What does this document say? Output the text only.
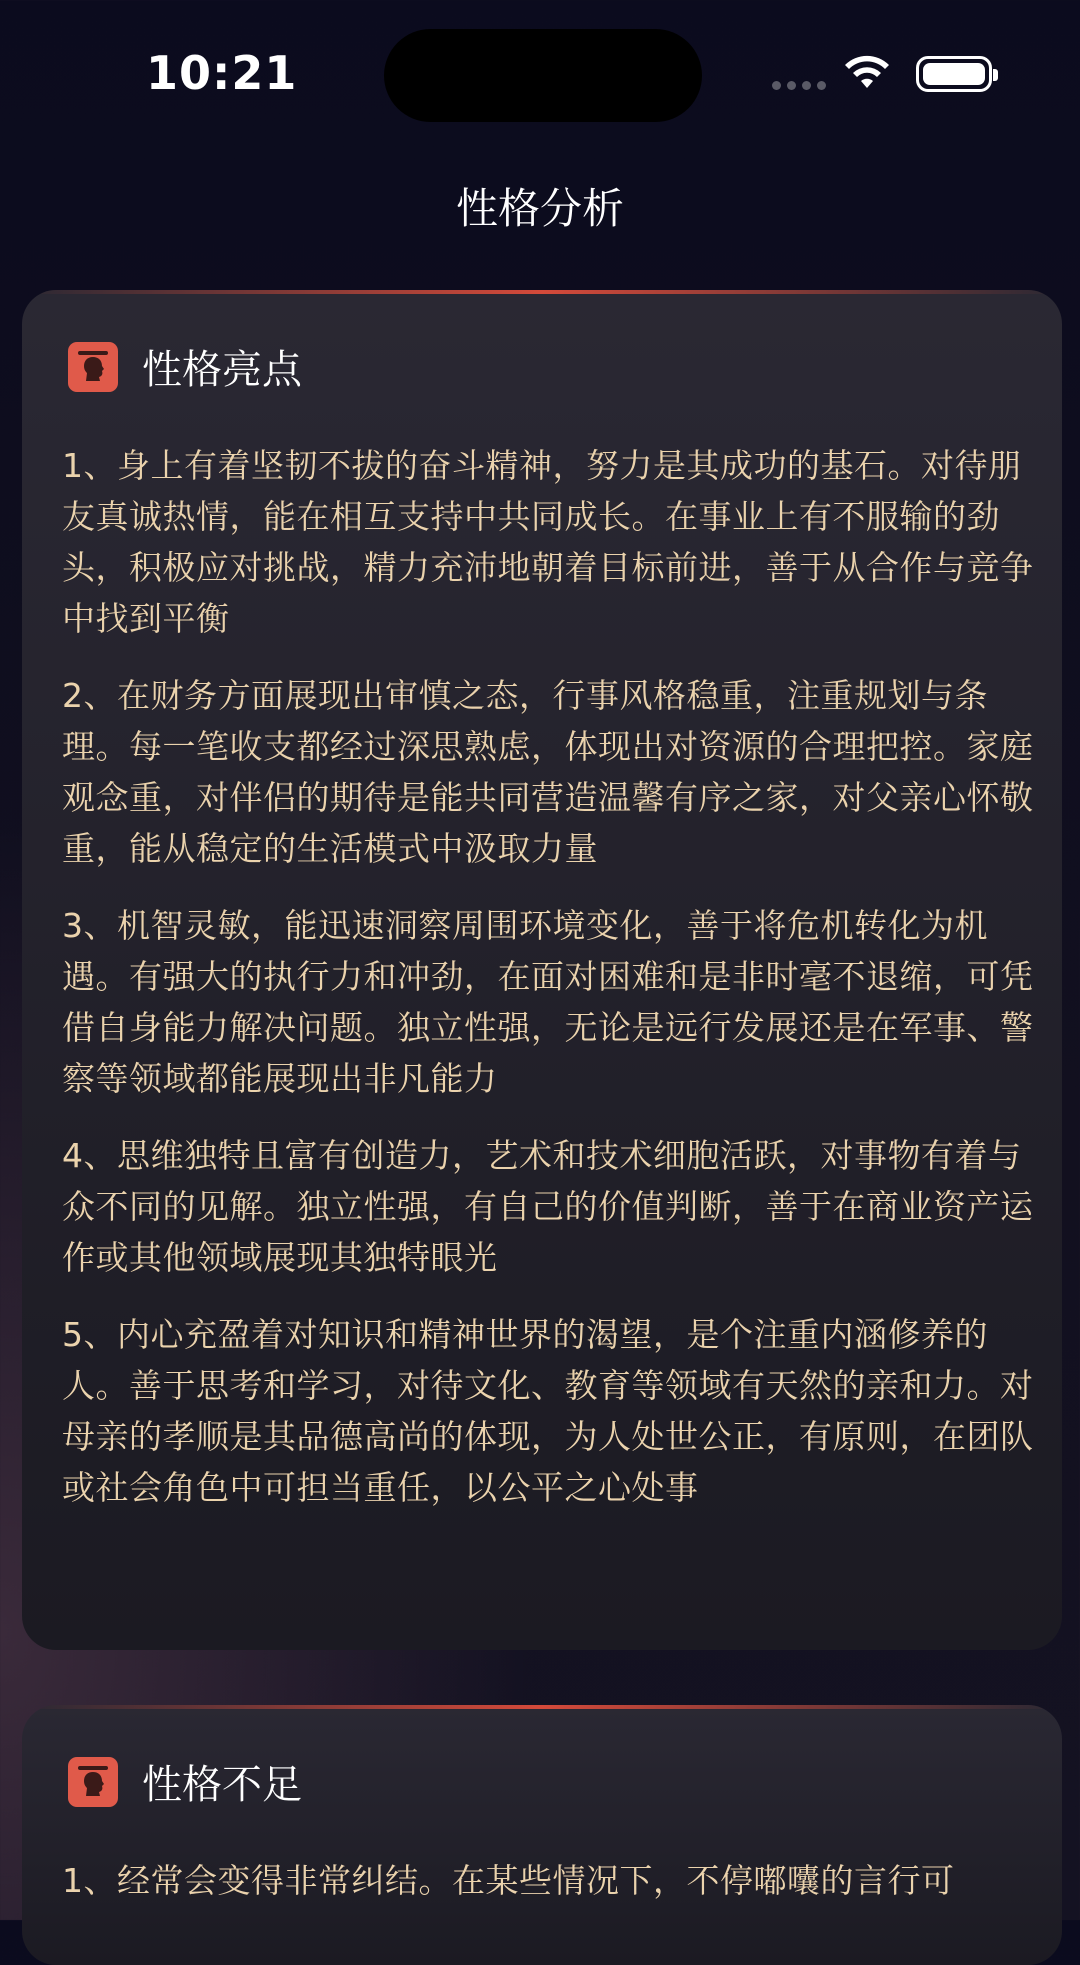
10:21
性格分析
性格亮点

1、身上有着坚韧不拔的奋斗精神，努力是其成功的基石。对待朋友真诚热情，能在相互支持中共同成长。在事业上有不服输的劲头，积极应对挑战，精力充沛地朝着目标前进，善于从合作与竞争中找到平衡

2、在财务方面展现出审慎之态，行事风格稳重，注重规划与条理。每一笔收支都经过深思熟虑，体现出对资源的合理把控。家庭观念重，对伴侣的期待是能共同营造温馨有序之家，对父亲心怀敬重，能从稳定的生活模式中汲取力量

3、机智灵敏，能迅速洞察周围环境变化，善于将危机转化为机遇。有强大的执行力和冲劲，在面对困难和是非时毫不退缩，可凭借自身能力解决问题。独立性强，无论是远行发展还是在军事、警察等领域都能展现出非凡能力

4、思维独特且富有创造力，艺术和技术细胞活跃，对事物有着与众不同的见解。独立性强，有自己的价值判断，善于在商业资产运作或其他领域展现其独特眼光

5、内心充盈着对知识和精神世界的渴望，是个注重内涵修养的人。善于思考和学习，对待文化、教育等领域有天然的亲和力。对母亲的孝顺是其品德高尚的体现，为人处世公正，有原则，在团队或社会角色中可担当重任，以公平之心处事

性格不足

1、经常会变得非常纠结。在某些情况下，不停嘟囔的言行可
